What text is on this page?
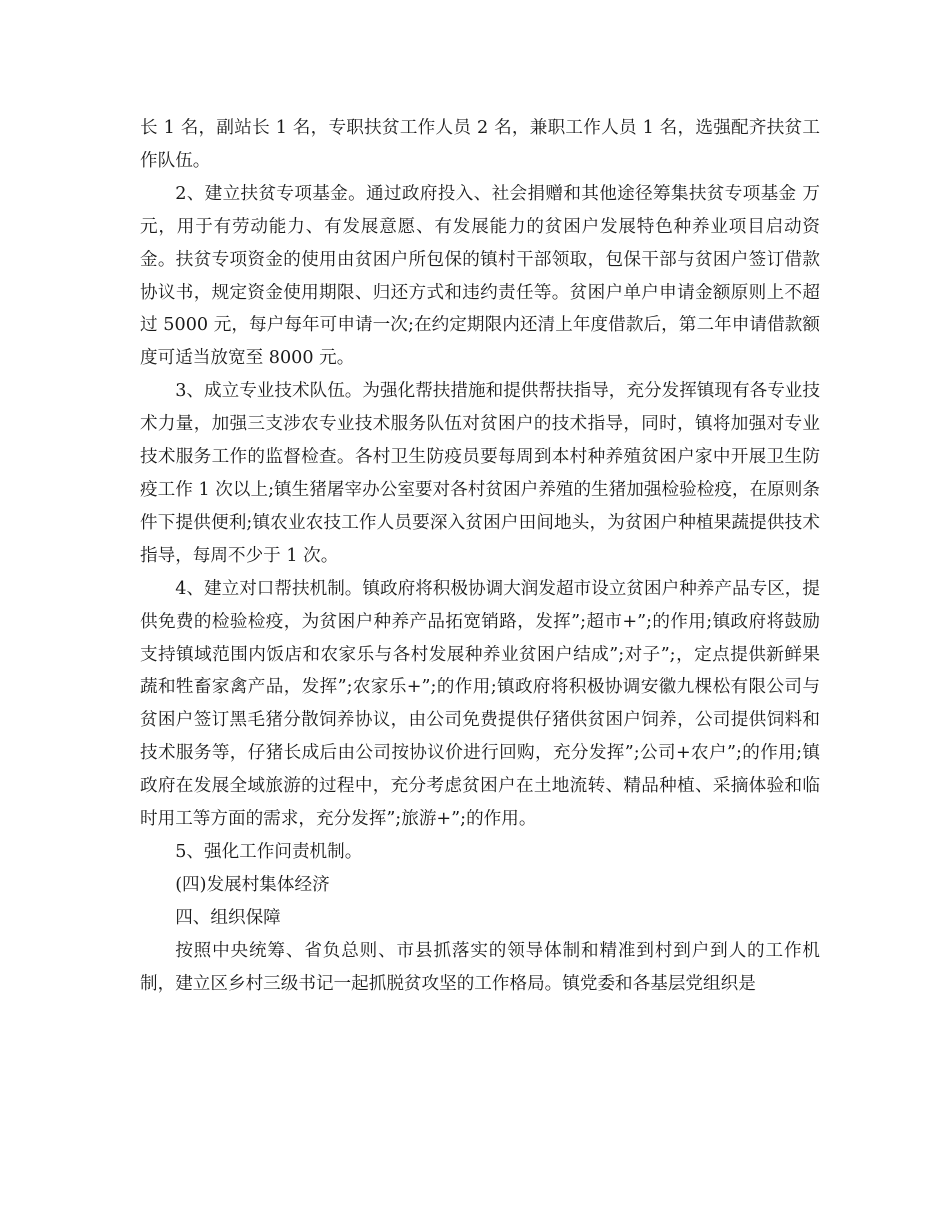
长 1 名，副站长 1 名，专职扶贫工作人员 2 名，兼职工作人员 1 名，选强配齐扶贫工作队伍。

2、建立扶贫专项基金。通过政府投入、社会捐赠和其他途径筹集扶贫专项基金 万元，用于有劳动能力、有发展意愿、有发展能力的贫困户发展特色种养业项目启动资金。扶贫专项资金的使用由贫困户所包保的镇村干部领取，包保干部与贫困户签订借款协议书，规定资金使用期限、归还方式和违约责任等。贫困户单户申请金额原则上不超过 5000 元，每户每年可申请一次;在约定期限内还清上年度借款后，第二年申请借款额度可适当放宽至 8000 元。

3、成立专业技术队伍。为强化帮扶措施和提供帮扶指导，充分发挥镇现有各专业技术力量，加强三支涉农专业技术服务队伍对贫困户的技术指导，同时，镇将加强对专业技术服务工作的监督检查。各村卫生防疫员要每周到本村种养殖贫困户家中开展卫生防疫工作 1 次以上;镇生猪屠宰办公室要对各村贫困户养殖的生猪加强检验检疫，在原则条件下提供便利;镇农业农技工作人员要深入贫困户田间地头，为贫困户种植果蔬提供技术指导，每周不少于 1 次。

4、建立对口帮扶机制。镇政府将积极协调大润发超市设立贫困户种养产品专区，提供免费的检验检疫，为贫困户种养产品拓宽销路，发挥”;超市+”;的作用;镇政府将鼓励支持镇域范围内饭店和农家乐与各村发展种养业贫困户结成”;对子”;，定点提供新鲜果蔬和牲畜家禽产品，发挥”;农家乐+”;的作用;镇政府将积极协调安徽九棵松有限公司与贫困户签订黑毛猪分散饲养协议，由公司免费提供仔猪供贫困户饲养，公司提供饲料和技术服务等，仔猪长成后由公司按协议价进行回购，充分发挥”;公司+农户”;的作用;镇政府在发展全域旅游的过程中，充分考虑贫困户在土地流转、精品种植、采摘体验和临时用工等方面的需求，充分发挥”;旅游+”;的作用。

5、强化工作问责机制。

(四)发展村集体经济

四、组织保障

按照中央统筹、省负总则、市县抓落实的领导体制和精准到村到户到人的工作机制，建立区乡村三级书记一起抓脱贫攻坚的工作格局。镇党委和各基层党组织是
